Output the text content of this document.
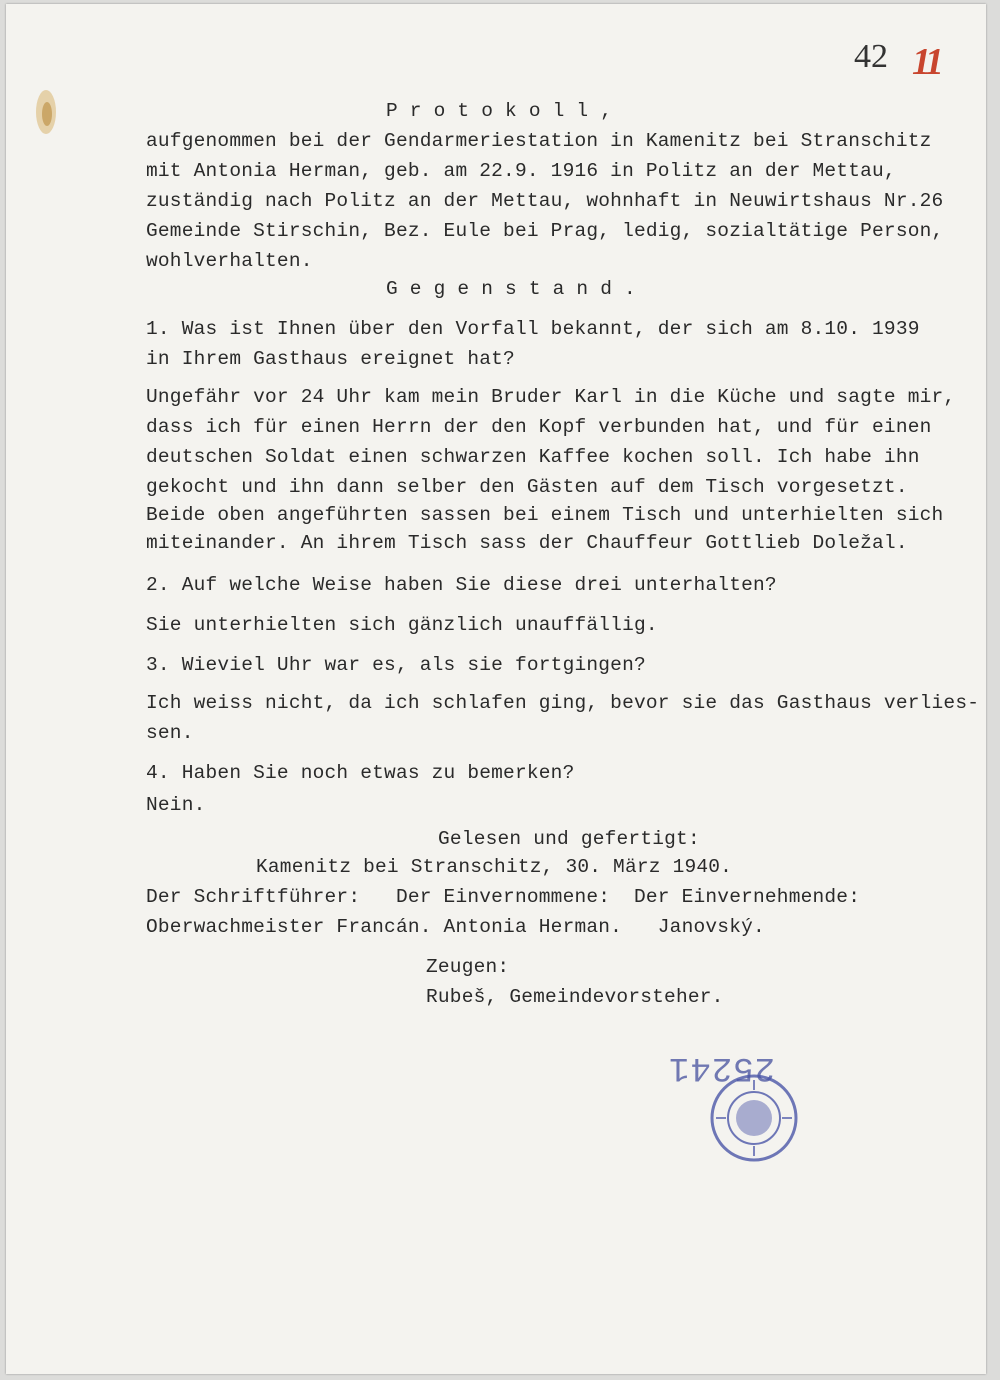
42 11
P r o t o k o l l ,
aufgenommen bei der Gendarmeriestation in Kamenitz bei Stranschitz
mit Antonia Herman, geb. am 22.9. 1916 in Politz an der Mettau,
zuständig nach Politz an der Mettau, wohnhaft in Neuwirtshaus Nr.26
Gemeinde Stirschin, Bez. Eule bei Prag, ledig, sozialtätige Person,
wohlverhalten.
G e g e n s t a n d .
1. Was ist Ihnen über den Vorfall bekannt, der sich am 8.10. 1939
in Ihrem Gasthaus ereignet hat?
Ungefähr vor 24 Uhr kam mein Bruder Karl in die Küche und sagte mir,
dass ich für einen Herrn der den Kopf verbunden hat, und für einen
deutschen Soldat einen schwarzen Kaffee kochen soll. Ich habe ihn
gekocht und ihn dann selber den Gästen auf dem Tisch vorgesetzt.
Beide oben angeführten sassen bei einem Tisch und unterhielten sich
miteinander. An ihrem Tisch sass der Chauffeur Gottlieb Doležal.
2. Auf welche Weise haben Sie diese drei unterhalten?
Sie unterhielten sich gänzlich unauffällig.
3. Wieviel Uhr war es, als sie fortgingen?
Ich weiss nicht, da ich schlafen ging, bevor sie das Gasthaus verlies-
sen.
4. Haben Sie noch etwas zu bemerken?
Nein.
Gelesen und gefertigt:
Kamenitz bei Stranschitz, 30. März 1940.
Der Schriftführer:   Der Einvernommene:  Der Einvernehmende:
Oberwachmeister Francán. Antonia Herman.   Janovský.
Zeugen:
Rubeš, Gemeindevorsteher.
25241
